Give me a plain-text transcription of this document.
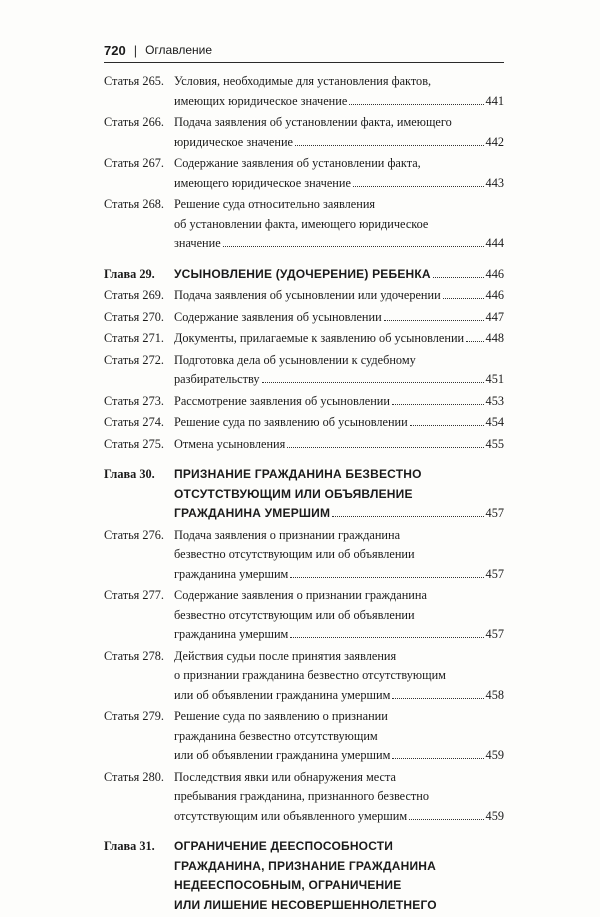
720 | Оглавление
Статья 265. Условия, необходимые для установления фактов,
имеющих юридическое значение	441
Статья 266. Подача заявления об установлении факта, имеющего
юридическое значение	442
Статья 267. Содержание заявления об установлении факта,
имеющего юридическое значение	443
Статья 268. Решение суда относительно заявления
об установлении факта, имеющего юридическое
значение	444
Глава 29.	УСЫНОВЛЕНИЕ (УДОЧЕРЕНИЕ) РЕБЕНКА	446
Статья 269. Подача заявления об усыновлении или удочерении	446
Статья 270. Содержание заявления об усыновлении	447
Статья 271. Документы, прилагаемые к заявлению об усыновлении 448
Статья 272. Подготовка дела об усыновлении к судебному
разбирательству	451
Статья 273. Рассмотрение заявления об усыновлении	453
Статья 274. Решение суда по заявлению об усыновлении	454
Статья 275. Отмена усыновления	455
Глава 30.	ПРИЗНАНИЕ ГРАЖДАНИНА БЕЗВЕСТНО
ОТСУТСТВУЮЩИМ ИЛИ ОБЪЯВЛЕНИЕ
ГРАЖДАНИНА УМЕРШИМ	457
Статья 276. Подача заявления о признании гражданина
безвестно отсутствующим или об объявлении
гражданина умершим	457
Статья 277. Содержание заявления о признании гражданина
безвестно отсутствующим или об объявлении
гражданина умершим	457
Статья 278. Действия судьи после принятия заявления
о признании гражданина безвестно отсутствующим
или об объявлении гражданина умершим	458
Статья 279. Решение суда по заявлению о признании
гражданина безвестно отсутствующим
или об объявлении гражданина умершим	459
Статья 280. Последствия явки или обнаружения места
пребывания гражданина, признанного безвестно
отсутствующим или объявленного умершим	459
Глава 31.	ОГРАНИЧЕНИЕ ДЕЕСПОСОБНОСТИ
ГРАЖДАНИНА, ПРИЗНАНИЕ ГРАЖДАНИНА
НЕДЕЕСПОСОБНЫМ, ОГРАНИЧЕНИЕ
ИЛИ ЛИШЕНИЕ НЕСОВЕРШЕННОЛЕТНЕГО
